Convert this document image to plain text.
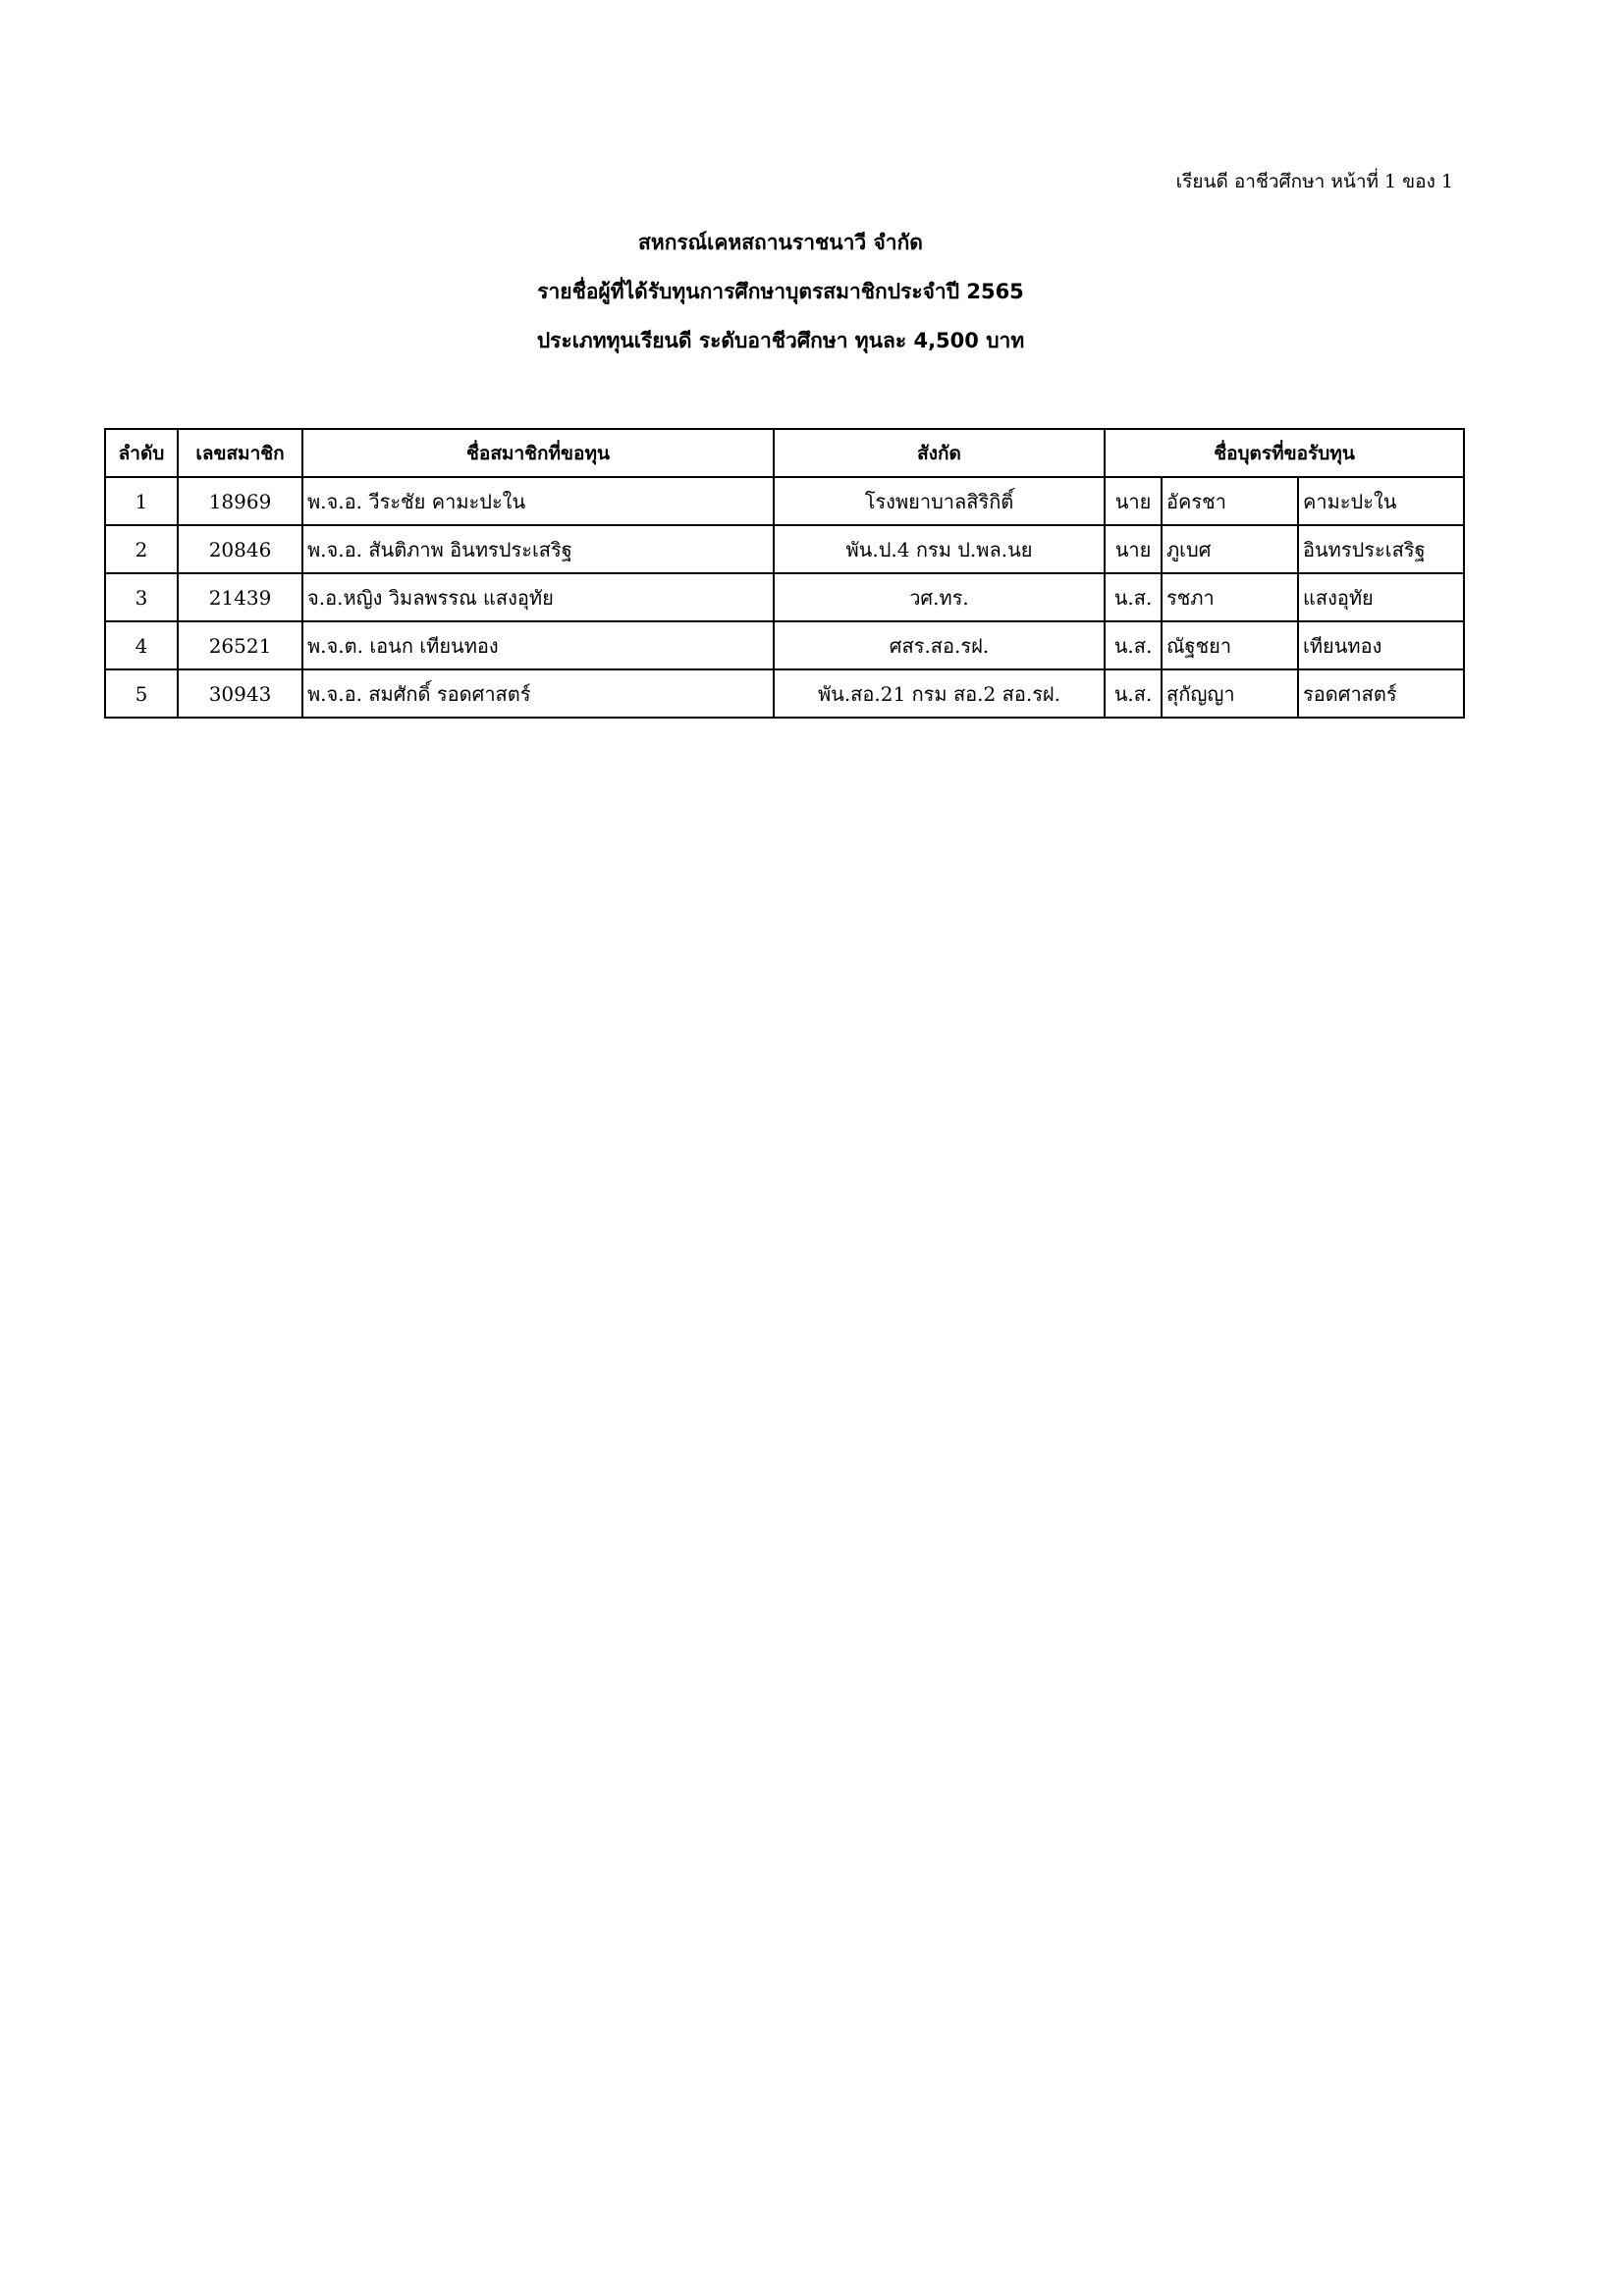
เรียนดี อาชีวศึกษา หน้าที่ 1 ของ 1
สหกรณ์เคหสถานราชนาวี จำกัด
รายชื่อผู้ที่ได้รับทุนการศึกษาบุตรสมาชิกประจำปี 2565
ประเภททุนเรียนดี ระดับอาชีวศึกษา ทุนละ 4,500 บาท
ลำดับ	เลขสมาชิก	ชื่อสมาชิกที่ขอทุน	สังกัด	ชื่อบุตรที่ขอรับทุน		
1	18969	พ.จ.อ. วีระชัย คามะปะใน	โรงพยาบาลสิริกิติ์	นาย	อัครชา	คามะปะใน
2	20846	พ.จ.อ. สันติภาพ อินทรประเสริฐ	พัน.ป.4 กรม ป.พล.นย	นาย	ภูเบศ	อินทรประเสริฐ
3	21439	จ.อ.หญิง วิมลพรรณ แสงอุทัย	วศ.ทร.	น.ส.	รชภา	แสงอุทัย
4	26521	พ.จ.ต. เอนก เทียนทอง	ศสร.สอ.รฝ.	น.ส.	ณัฐชยา	เทียนทอง
5	30943	พ.จ.อ. สมศักดิ์ รอดศาสตร์	พัน.สอ.21 กรม สอ.2 สอ.รฝ.	น.ส.	สุกัญญา	รอดศาสตร์
